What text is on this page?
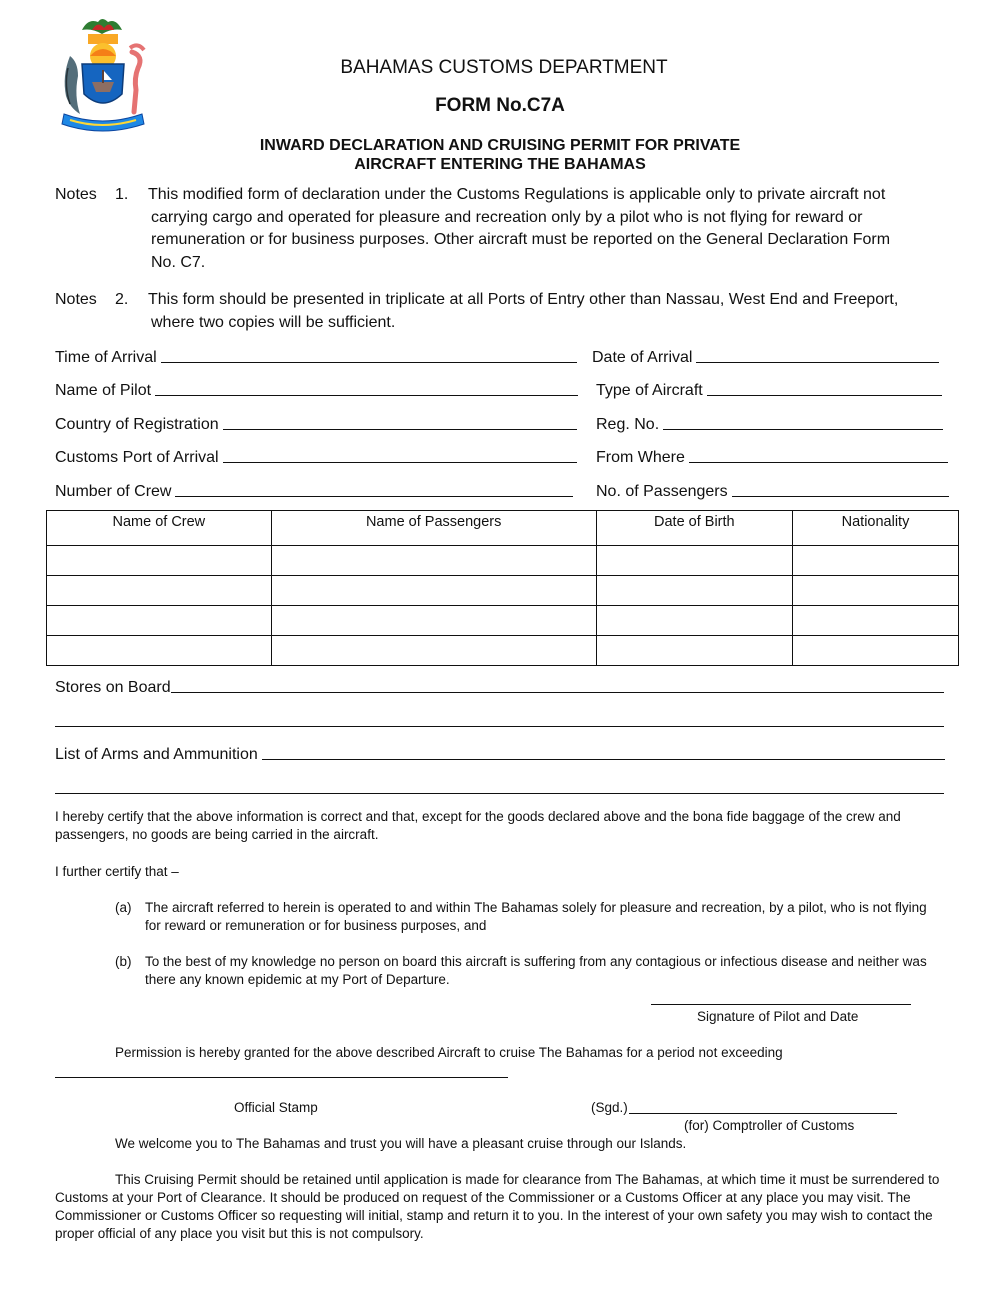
BAHAMAS CUSTOMS DEPARTMENT
FORM No.C7A
INWARD DECLARATION AND CRUISING PERMIT FOR PRIVATE
AIRCRAFT ENTERING THE BAHAMAS
Notes 1. This modified form of declaration under the Customs Regulations is applicable only to private aircraft not
carrying cargo and operated for pleasure and recreation only by a pilot who is not flying for reward or
remuneration or for business purposes. Other aircraft must be reported on the General Declaration Form
No. C7.
Notes 2. This form should be presented in triplicate at all Ports of Entry other than Nassau, West End and Freeport,
where two copies will be sufficient.
Time of Arrival	Date of Arrival
Name of Pilot	Type of Aircraft
Country of Registration	Reg. No.
Customs Port of Arrival	From Where
Number of Crew	No. of Passengers
Name of Crew	Name of Passengers	Date of Birth	Nationality

Stores on Board
List of Arms and Ammunition
I hereby certify that the above information is correct and that, except for the goods declared above and the bona fide baggage of the crew and
passengers, no goods are being carried in the aircraft.
I further certify that –
(a) The aircraft referred to herein is operated to and within The Bahamas solely for pleasure and recreation, by a pilot, who is not flying
for reward or remuneration or for business purposes, and
(b) To the best of my knowledge no person on board this aircraft is suffering from any contagious or infectious disease and neither was
there any known epidemic at my Port of Departure.
Signature of Pilot and Date
Permission is hereby granted for the above described Aircraft to cruise The Bahamas for a period not exceeding
Official Stamp	(Sgd.)
(for) Comptroller of Customs
We welcome you to The Bahamas and trust you will have a pleasant cruise through our Islands.
This Cruising Permit should be retained until application is made for clearance from The Bahamas, at which time it must be surrendered to
Customs at your Port of Clearance. It should be produced on request of the Commissioner or a Customs Officer at any place you may visit. The
Commissioner or Customs Officer so requesting will initial, stamp and return it to you. In the interest of your own safety you may wish to contact the
proper official of any place you visit but this is not compulsory.
